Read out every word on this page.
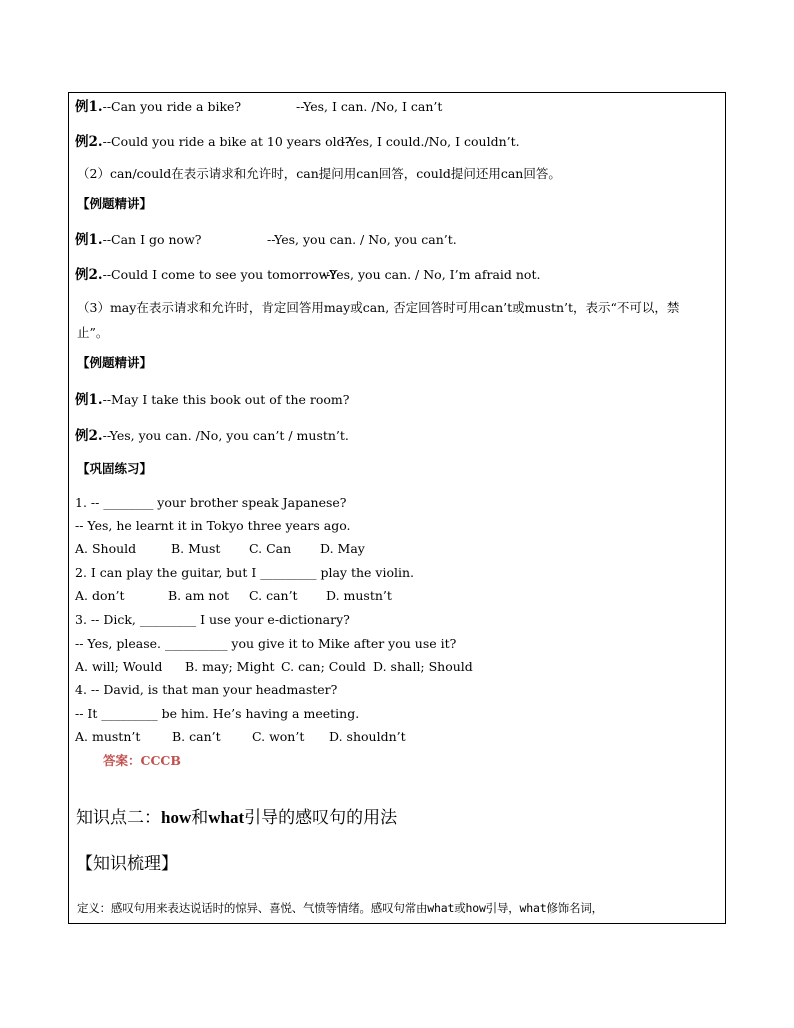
例1.--Can you ride a bike?	--Yes, I can. /No, I can’t
例2.--Could you ride a bike at 10 years old?
--Yes, I could./No, I couldn’t.
（2）can/could在表示请求和允许时，can提问用can回答，could提问还用can回答。
【例题精讲】
例1.--Can I go now?	--Yes, you can. / No, you can’t.
例2.--Could I come to see you tomorrow?
--Yes, you can. / No, I’m afraid not.
（3）may在表示请求和允许时，肯定回答用may或can, 否定回答时可用can’t或mustn’t，表示“不可以，禁
止”。
【例题精讲】
例1.--May I take this book out of the room?
例2.--Yes, you can. /No, you can’t / mustn’t.
【巩固练习】
1. -- ________ your brother speak Japanese?
-- Yes, he learnt it in Tokyo three years ago.
A. Should	B. Must C. Can D. May
2. I can play the guitar, but I _________ play the violin.
A. don’t	B. am not C. can’t D. mustn’t
3. -- Dick, _________ I use your e-dictionary?
-- Yes, please. __________ you give it to Mike after you use it?
A. will; Would B. may; Might C. can; Could D. shall; Should
4. -- David, is that man your headmaster?
-- It _________ be him. He’s having a meeting.
A. mustn’t	B. can’t	C. won’t D. shouldn’t
答案：CCCB
知识点二：how和what引导的感叹句的用法
【知识梳理】
定义：感叹句用来表达说话时的惊异、喜悦、气愤等情绪。感叹句常由what或how引导，what修饰名词，
